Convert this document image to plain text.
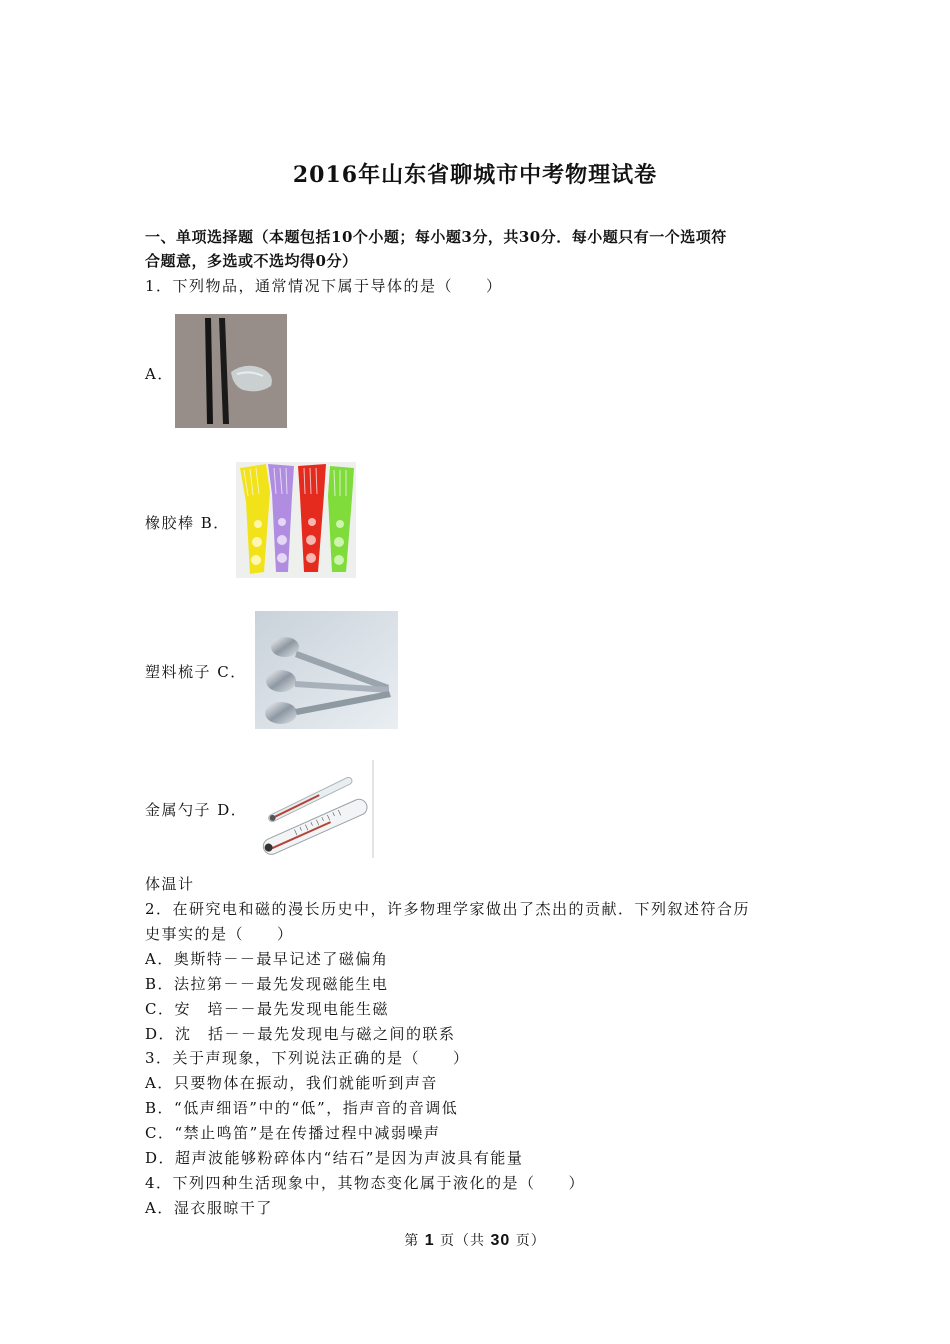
2016年山东省聊城市中考物理试卷
一、单项选择题（本题包括10个小题；每小题3分，共30分．每小题只有一个选项符
合题意，多选或不选均得0分）
1．下列物品，通常情况下属于导体的是（　　）
A．
橡胶棒 B．
塑料梳子 C．
金属勺子 D．
体温计
2．在研究电和磁的漫长历史中，许多物理学家做出了杰出的贡献．下列叙述符合历
史事实的是（　　）
A．奥斯特－－最早记述了磁偏角
B．法拉第－－最先发现磁能生电
C．安　培－－最先发现电能生磁
D．沈　括－－最先发现电与磁之间的联系
3．关于声现象，下列说法正确的是（　　）
A．只要物体在振动，我们就能听到声音
B．“低声细语”中的“低”，指声音的音调低
C．“禁止鸣笛”是在传播过程中减弱噪声
D．超声波能够粉碎体内“结石”是因为声波具有能量
4．下列四种生活现象中，其物态变化属于液化的是（　　）
A．湿衣服晾干了
第 1 页（共 30 页）
